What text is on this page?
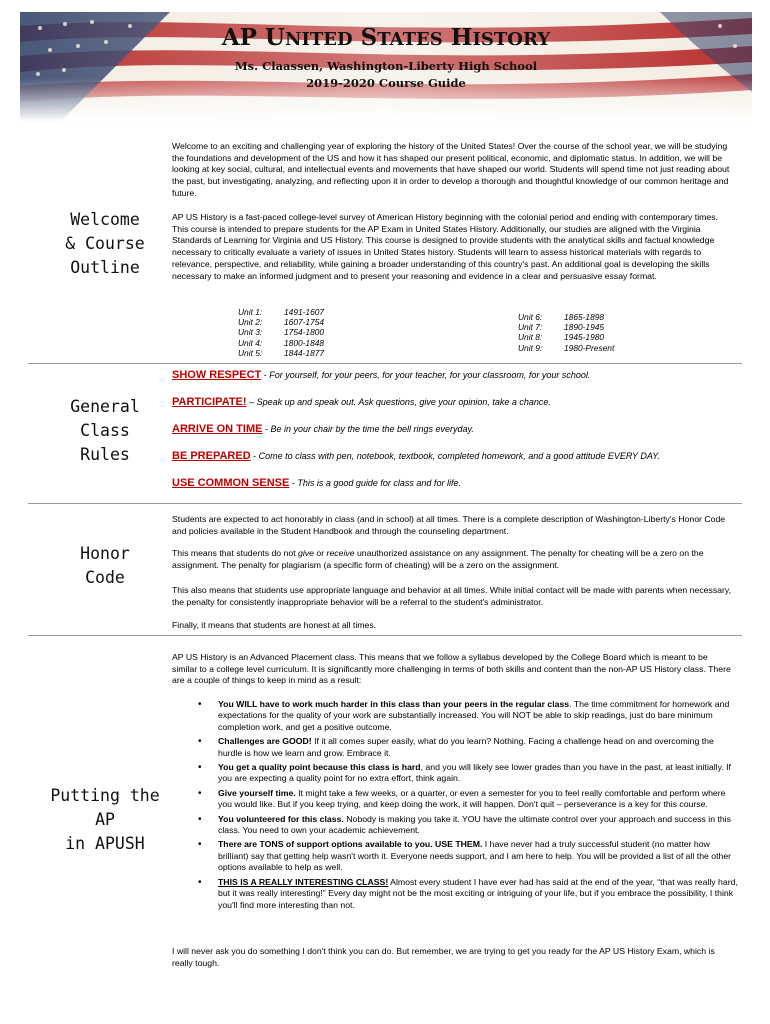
AP UNITED STATES HISTORY
Ms. Claassen, Washington-Liberty High School
2019-2020 Course Guide
Welcome
& Course
Outline

Welcome to an exciting and challenging year of exploring the history of the United States! Over the course of the school year, we will be studying the foundations and development of the US and how it has shaped our present political, economic, and diplomatic status. In addition, we will be looking at key social, cultural, and intellectual events and movements that have shaped our world. Students will spend time not just reading about the past, but investigating, analyzing, and reflecting upon it in order to develop a thorough and thoughtful knowledge of our common heritage and future.

AP US History is a fast-paced college-level survey of American History beginning with the colonial period and ending with contemporary times. This course is intended to prepare students for the AP Exam in United States History. Additionally, our studies are aligned with the Virginia Standards of Learning for Virginia and US History. This course is designed to provide students with the analytical skills and factual knowledge necessary to critically evaluate a variety of issues in United States history. Students will learn to assess historical materials with regards to relevance, perspective, and reliability, while gaining a broader understanding of this country's past. An additional goal is developing the skills necessary to make an informed judgment and to present your reasoning and evidence in a clear and persuasive essay format.

Unit 1:	1491-1607
Unit 2:	1607-1754
Unit 3:	1754-1800
Unit 4:	1800-1848
Unit 5:	1844-1877
Unit 6:	1865-1898
Unit 7:	1890-1945
Unit 8:	1945-1980
Unit 9:	1980-Present
General
Class
Rules
SHOW RESPECT - For yourself, for your peers, for your teacher, for your classroom, for your school.
PARTICIPATE! – Speak up and speak out. Ask questions, give your opinion, take a chance.
ARRIVE ON TIME - Be in your chair by the time the bell rings everyday.
BE PREPARED - Come to class with pen, notebook, textbook, completed homework, and a good attitude EVERY DAY.
USE COMMON SENSE - This is a good guide for class and for life.
Honor
Code

Students are expected to act honorably in class (and in school) at all times. There is a complete description of Washington-Liberty's Honor Code and policies available in the Student Handbook and through the counseling department.

This means that students do not give or receive unauthorized assistance on any assignment. The penalty for cheating will be a zero on the assignment. The penalty for plagiarism (a specific form of cheating) will be a zero on the assignment.

This also means that students use appropriate language and behavior at all times. While initial contact will be made with parents when necessary, the penalty for consistently inappropriate behavior will be a referral to the student's administrator.

Finally, it means that students are honest at all times.

Putting the AP
in APUSH

AP US History is an Advanced Placement class. This means that we follow a syllabus developed by the College Board which is meant to be similar to a college level curriculum. It is significantly more challenging in terms of both skills and content than the non-AP US History class. There are a couple of things to keep in mind as a result:

• You WILL have to work much harder in this class than your peers in the regular class. The time commitment for homework and expectations for the quality of your work are substantially increased. You will NOT be able to skip readings, just do bare minimum completion work, and get a positive outcome.
• Challenges are GOOD! If it all comes super easily, what do you learn? Nothing. Facing a challenge head on and overcoming the hurdle is how we learn and grow. Embrace it.
• You get a quality point because this class is hard, and you will likely see lower grades than you have in the past, at least initially. If you are expecting a quality point for no extra effort, think again.
• Give yourself time. It might take a few weeks, or a quarter, or even a semester for you to feel really comfortable and perform where you would like. But if you keep trying, and keep doing the work, it will happen. Don't quit – perseverance is a key for this course.
• You volunteered for this class. Nobody is making you take it. YOU have the ultimate control over your approach and success in this class. You need to own your academic achievement.
• There are TONS of support options available to you. USE THEM. I have never had a truly successful student (no matter how brilliant) say that getting help wasn't worth it. Everyone needs support, and I am here to help. You will be provided a list of all the other options available to help as well.
• THIS IS A REALLY INTERESTING CLASS! Almost every student I have ever had has said at the end of the year, “that was really hard, but it was really interesting!” Every day might not be the most exciting or intriguing of your life, but if you embrace the possibility, I think you'll find more interesting than not.

I will never ask you do something I don't think you can do. But remember, we are trying to get you ready for the AP US History Exam, which is really tough.
